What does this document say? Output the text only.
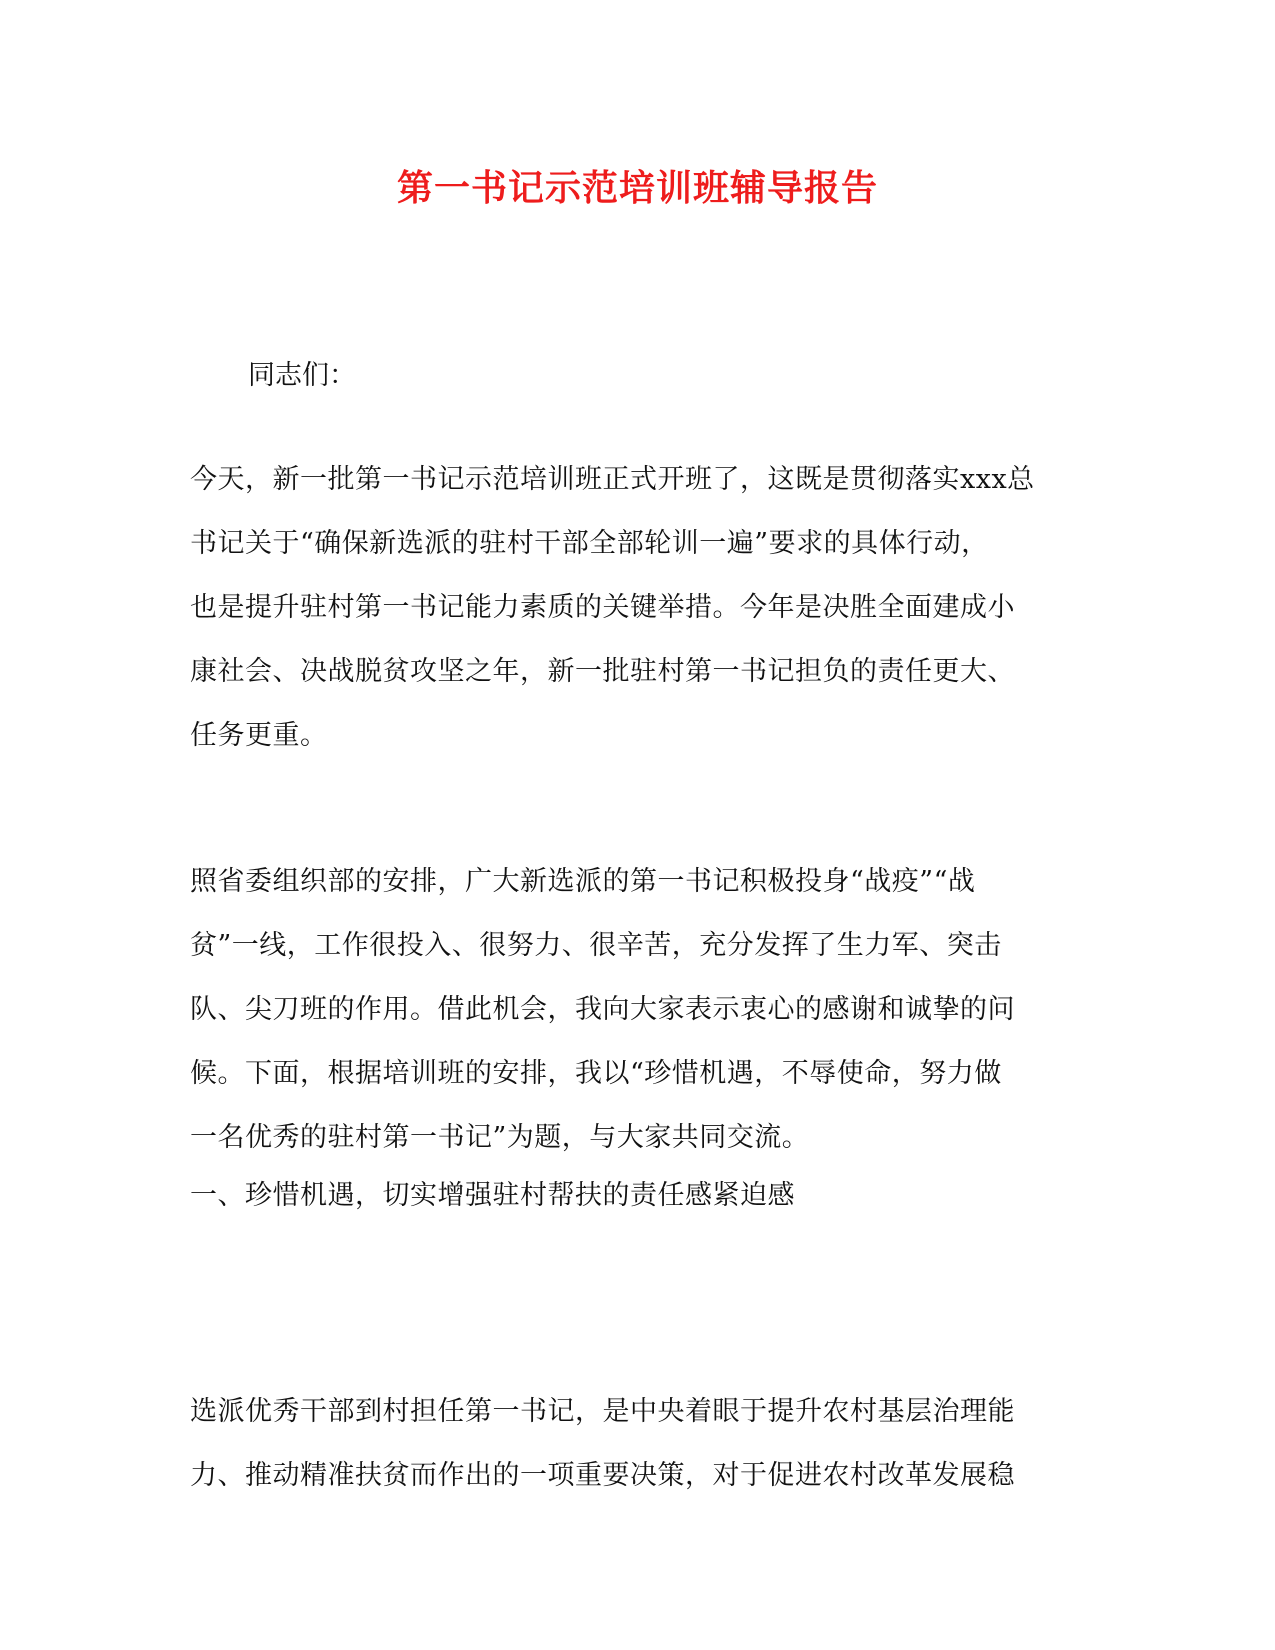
第一书记示范培训班辅导报告
同志们：
今天，新一批第一书记示范培训班正式开班了，这既是贯彻落实xxx总
书记关于“确保新选派的驻村干部全部轮训一遍”要求的具体行动，
也是提升驻村第一书记能力素质的关键举措。今年是决胜全面建成小
康社会、决战脱贫攻坚之年，新一批驻村第一书记担负的责任更大、
任务更重。
照省委组织部的安排，广大新选派的第一书记积极投身“战疫”“战
贫”一线，工作很投入、很努力、很辛苦，充分发挥了生力军、突击
队、尖刀班的作用。借此机会，我向大家表示衷心的感谢和诚挚的问
候。下面，根据培训班的安排，我以“珍惜机遇，不辱使命，努力做
一名优秀的驻村第一书记”为题，与大家共同交流。
一、珍惜机遇，切实增强驻村帮扶的责任感紧迫感
选派优秀干部到村担任第一书记，是中央着眼于提升农村基层治理能
力、推动精准扶贫而作出的一项重要决策，对于促进农村改革发展稳
